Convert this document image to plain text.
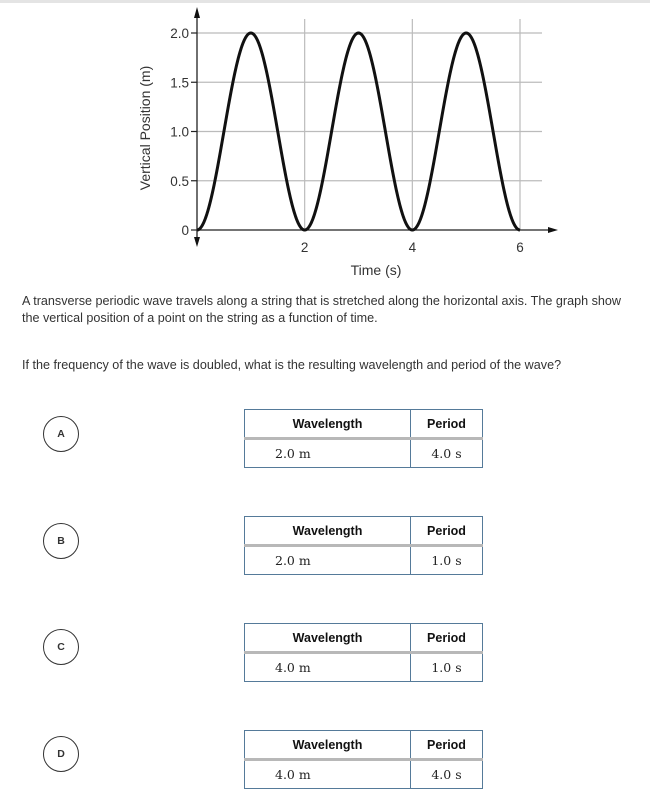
0
0.5
1.0
1.5
2.0
2	4	6
Time (s)
Vertical Position (m)
A transverse periodic wave travels along a string that is stretched along the horizontal axis. The graph show
the vertical position of a point on the string as a function of time.
If the frequency of the wave is doubled, what is the resulting wavelength and period of the wave?
A
Wavelength	Period
2.0 m	4.0 s
B
Wavelength	Period
2.0 m	1.0 s
C
Wavelength	Period
4.0 m	1.0 s
D
Wavelength	Period
4.0 m	4.0 s
